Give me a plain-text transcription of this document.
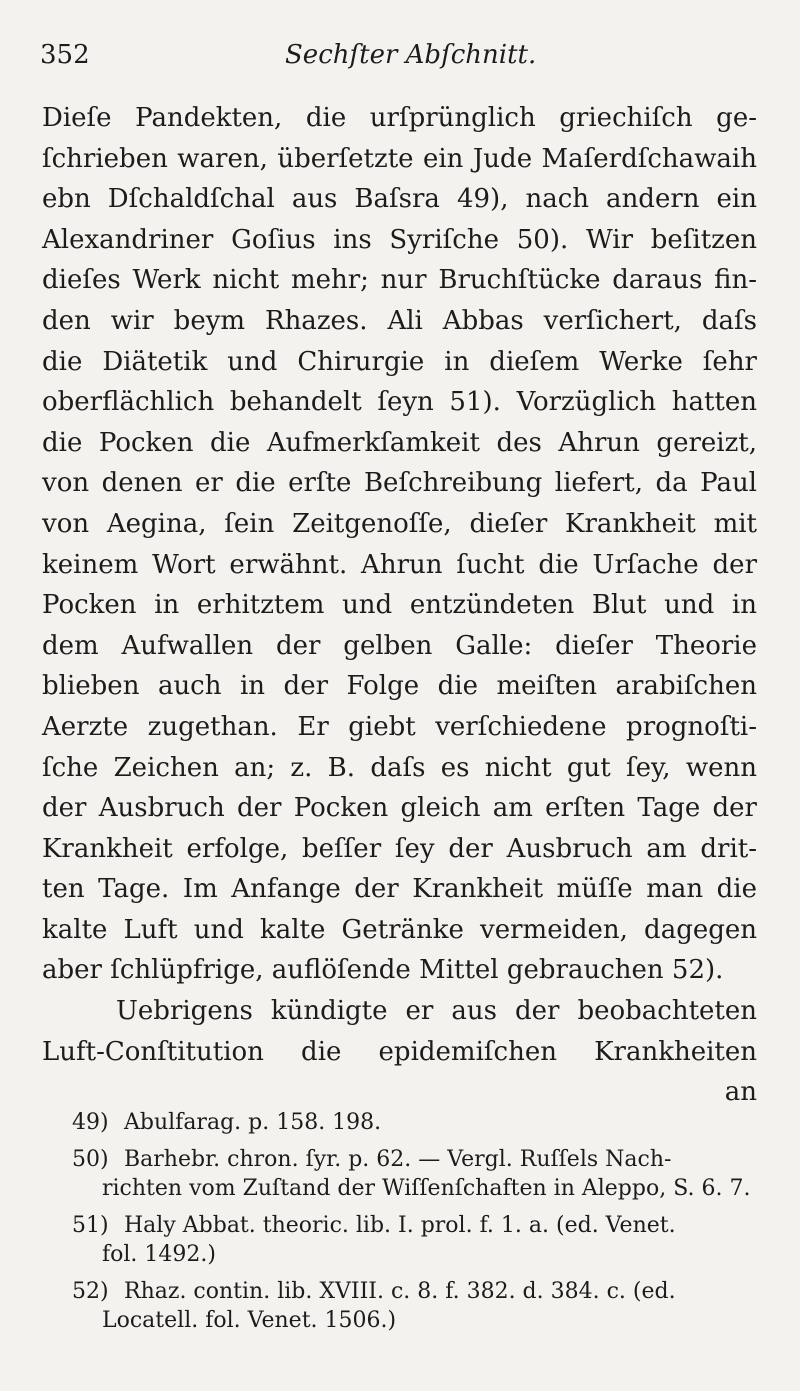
352	Sechſter Abſchnitt.
Dieſe Pandekten, die urſprünglich griechiſch ge-
ſchrieben waren, überſetzte ein Jude Maſerdſchawaih
ebn Dſchaldſchal aus Baſsra 49), nach andern ein
Alexandriner Goſius ins Syriſche 50). Wir beſitzen
dieſes Werk nicht mehr; nur Bruchſtücke daraus fin-
den wir beym Rhazes. Ali Abbas verſichert, daſs
die Diätetik und Chirurgie in dieſem Werke ſehr
oberflächlich behandelt ſeyn 51). Vorzüglich hatten
die Pocken die Aufmerkſamkeit des Ahrun gereizt,
von denen er die erſte Beſchreibung liefert, da Paul
von Aegina, ſein Zeitgenoſſe, dieſer Krankheit mit
keinem Wort erwähnt. Ahrun ſucht die Urſache der
Pocken in erhitztem und entzündeten Blut und in
dem Aufwallen der gelben Galle: dieſer Theorie
blieben auch in der Folge die meiſten arabiſchen
Aerzte zugethan. Er giebt verſchiedene prognoſti-
ſche Zeichen an; z. B. daſs es nicht gut ſey, wenn
der Ausbruch der Pocken gleich am erſten Tage der
Krankheit erfolge, beſſer ſey der Ausbruch am drit-
ten Tage. Im Anfange der Krankheit müſſe man die
kalte Luft und kalte Getränke vermeiden, dagegen
aber ſchlüpfrige, auflöſende Mittel gebrauchen 52).
Uebrigens kündigte er aus der beobachteten
Luft-Conſtitution die epidemiſchen Krankheiten
an
49) Abulfarag. p. 158. 198.
50) Barhebr. chron. ſyr. p. 62. — Vergl. Ruſſels Nach-
richten vom Zuſtand der Wiſſenſchaften in Aleppo, S. 6. 7.
51) Haly Abbat. theoric. lib. I. prol. f. 1. a. (ed. Venet.
fol. 1492.)
52) Rhaz. contin. lib. XVIII. c. 8. f. 382. d. 384. c. (ed.
Locatell. fol. Venet. 1506.)
